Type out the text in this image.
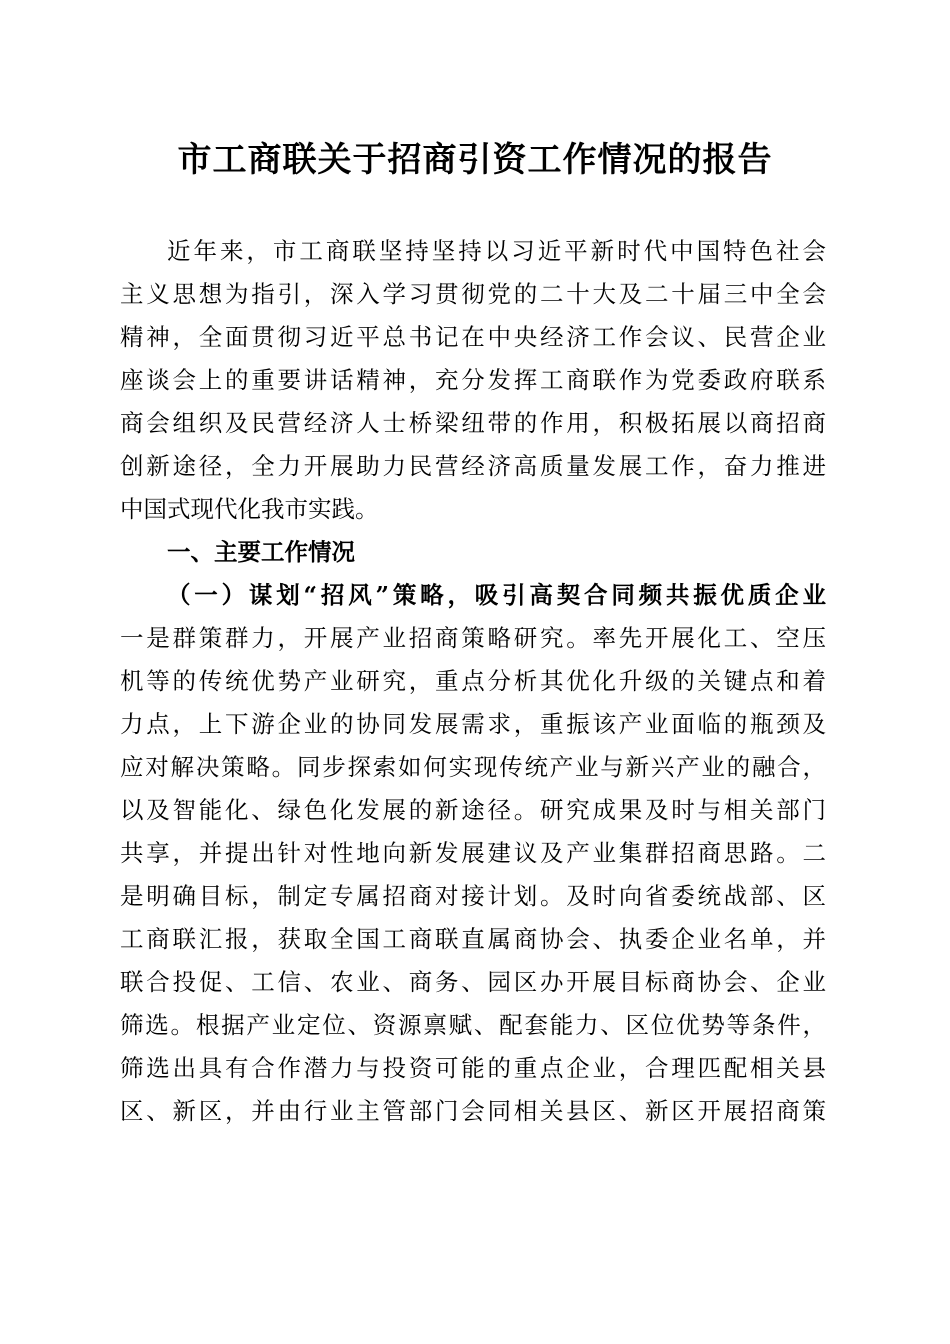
市工商联关于招商引资工作情况的报告
近年来，市工商联坚持坚持以习近平新时代中国特色社会
主义思想为指引，深入学习贯彻党的二十大及二十届三中全会
精神，全面贯彻习近平总书记在中央经济工作会议、民营企业
座谈会上的重要讲话精神，充分发挥工商联作为党委政府联系
商会组织及民营经济人士桥梁纽带的作用，积极拓展以商招商
创新途径，全力开展助力民营经济高质量发展工作，奋力推进
中国式现代化我市实践。
一、主要工作情况
（一）谋划“招风”策略，吸引高契合同频共振优质企业
一是群策群力，开展产业招商策略研究。率先开展化工、空压
机等的传统优势产业研究，重点分析其优化升级的关键点和着
力点，上下游企业的协同发展需求，重振该产业面临的瓶颈及
应对解决策略。同步探索如何实现传统产业与新兴产业的融合，
以及智能化、绿色化发展的新途径。研究成果及时与相关部门
共享，并提出针对性地向新发展建议及产业集群招商思路。二
是明确目标，制定专属招商对接计划。及时向省委统战部、区
工商联汇报，获取全国工商联直属商协会、执委企业名单，并
联合投促、工信、农业、商务、园区办开展目标商协会、企业
筛选。根据产业定位、资源禀赋、配套能力、区位优势等条件，
筛选出具有合作潜力与投资可能的重点企业，合理匹配相关县
区、新区，并由行业主管部门会同相关县区、新区开展招商策
